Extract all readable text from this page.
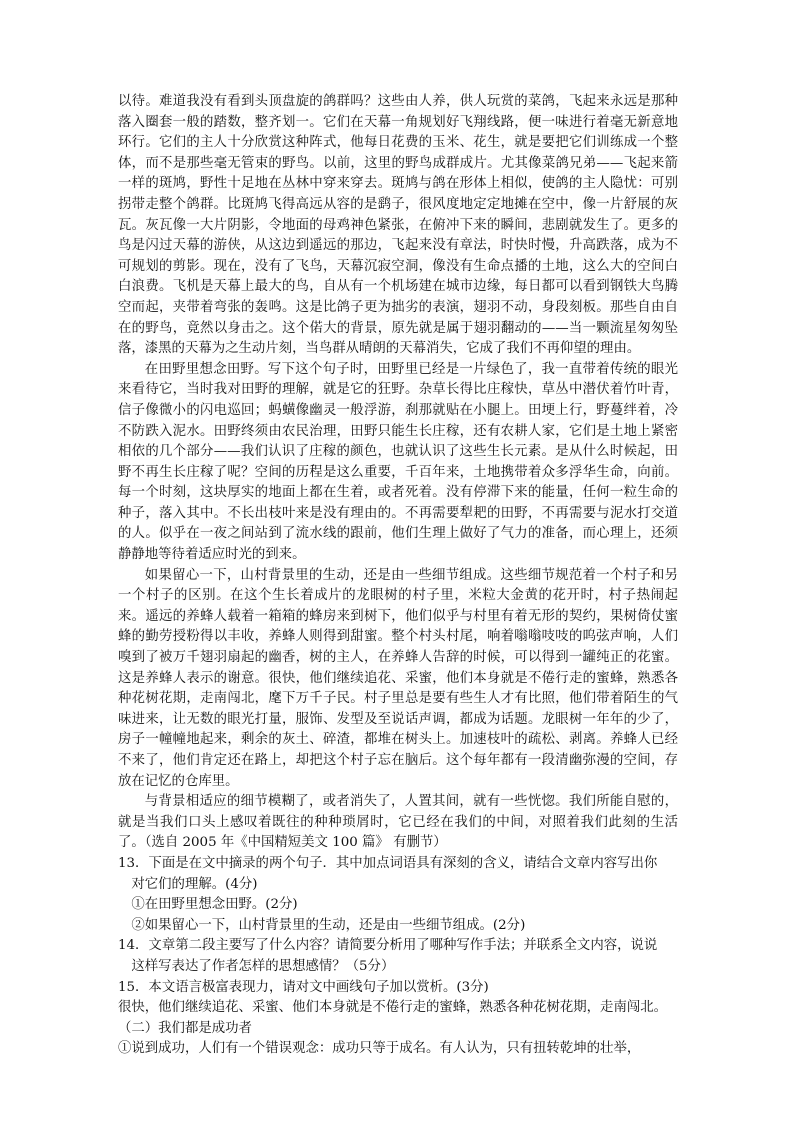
以待。难道我没有看到头顶盘旋的鸽群吗？这些由人养，供人玩赏的菜鸽，飞起来永远是那种落入圈套一般的踏数，整齐划一。它们在天幕一角规划好飞翔线路，便一味进行着毫无新意地环行。它们的主人十分欣赏这种阵式，他每日花费的玉米、花生，就是要把它们训练成一个整体，而不是那些毫无管束的野鸟。以前，这里的野鸟成群成片。尤其像菜鸽兄弟——飞起来箭一样的斑鸠，野性十足地在丛林中穿来穿去。斑鸠与鸽在形体上相似，使鸽的主人隐忧：可别拐带走整个鸽群。比斑鸠飞得高远从容的是鹞子，很风度地定定地摊在空中，像一片舒展的灰瓦。灰瓦像一大片阴影，令地面的母鸡神色紧张，在俯冲下来的瞬间，悲剧就发生了。更多的鸟是闪过天幕的游侠，从这边到遥远的那边，飞起来没有章法，时快时慢，升高跌落，成为不可规划的剪影。现在，没有了飞鸟，天幕沉寂空洞，像没有生命点播的土地，这么大的空间白白浪费。飞机是天幕上最大的鸟，自从有一个机场建在城市边缘，每日都可以看到钢铁大鸟腾空而起，夹带着弯张的轰鸣。这是比鸽子更为拙劣的表演，翅羽不动，身段刻板。那些自由自在的野鸟，竟然以身击之。这个偌大的背景，原先就是属于翅羽翻动的——当一颗流星匆匆坠落，漆黑的天幕为之生动片刻，当鸟群从晴朗的天幕消失，它成了我们不再仰望的理由。

在田野里想念田野。写下这个句子时，田野里已经是一片绿色了，我一直带着传统的眼光来看待它，当时我对田野的理解，就是它的狂野。杂草长得比庄稼快，草丛中潜伏着竹叶青，信子像微小的闪电巡回；蚂蟥像幽灵一般浮游，刹那就贴在小腿上。田埂上行，野蔓绊着，冷不防跌入泥水。田野终须由农民治理，田野只能生长庄稼，还有农耕人家，它们是土地上紧密相依的几个部分——我们认识了庄稼的颜色，也就认识了这些生长元素。是从什么时候起，田野不再生长庄稼了呢？空间的历程是这么重要，千百年来，土地携带着众多浮华生命，向前。每一个时刻，这块厚实的地面上都在生着，或者死着。没有停滞下来的能量，任何一粒生命的种子，落入其中。不长出枝叶来是没有理由的。不再需要犁耙的田野，不再需要与泥水打交道的人。似乎在一夜之间站到了流水线的跟前，他们生理上做好了气力的准备，而心理上，还须静静地等待着适应时光的到来。

如果留心一下，山村背景里的生动，还是由一些细节组成。这些细节规范着一个村子和另一个村子的区别。在这个生长着成片的龙眼树的村子里，米粒大金黄的花开时，村子热闹起来。遥远的养蜂人载着一箱箱的蜂房来到树下，他们似乎与村里有着无形的契约，果树倚仗蜜蜂的勤劳授粉得以丰收，养蜂人则得到甜蜜。整个村头村尾，响着嗡嗡吱吱的呜弦声响，人们嗅到了被万千翅羽扇起的幽香，树的主人，在养蜂人告辞的时候，可以得到一罐纯正的花蜜。这是养蜂人表示的谢意。很快，他们继续追花、采蜜，他们本身就是不倦行走的蜜蜂，熟悉各种花树花期，走南闯北，麾下万千子民。村子里总是要有些生人才有比照，他们带着陌生的气味进来，让无数的眼光打量，服饰、发型及至说话声调，都成为话题。龙眼树一年年的少了，房子一幢幢地起来，剩余的灰土、碎渣，都堆在树头上。加速枝叶的疏松、剥离。养蜂人已经不来了，他们肯定还在路上，却把这个村子忘在脑后。这个每年都有一段清幽弥漫的空间，存放在记忆的仓库里。

与背景相适应的细节模糊了，或者消失了，人置其间，就有一些恍惚。我们所能自慰的，就是当我们口头上感叹着既往的种种琐屑时，它已经在我们的中间，对照着我们此刻的生活了。（选自 2005 年《中国精短美文 100 篇》 有删节）

13．下面是在文中摘录的两个句子．其中加点词语具有深刻的含义，请结合文章内容写出你

对它们的理解。(4分)

①在田野里想念田野。(2分)

②如果留心一下，山村背景里的生动，还是由一些细节组成。(2分)

14．文章第二段主要写了什么内容？请简要分析用了哪种写作手法；并联系全文内容，说说

这样写表达了作者怎样的思想感情？（5分）

15．本文语言极富表现力，请对文中画线句子加以赏析。(3分)

很快，他们继续追花、采蜜、他们本身就是不倦行走的蜜蜂，熟悉各种花树花期，走南闯北。

（二）我们都是成功者

①说到成功，人们有一个错误观念：成功只等于成名。有人认为，只有扭转乾坤的壮举，
